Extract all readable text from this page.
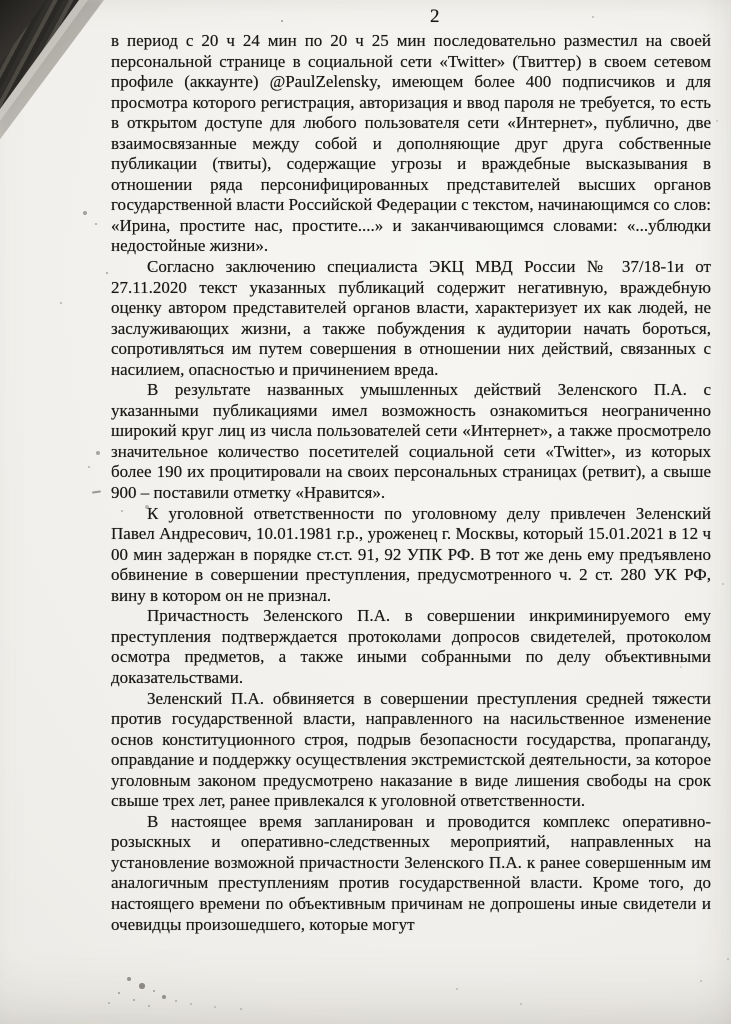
2

в период с 20 ч 24 мин по 20 ч 25 мин последовательно разместил на своей персональной странице в социальной сети «Twitter» (Твиттер) в своем сетевом профиле (аккаунте) @PaulZelensky, имеющем более 400 подписчиков и для просмотра которого регистрация, авторизация и ввод пароля не требуется, то есть в открытом доступе для любого пользователя сети «Интернет», публично, две взаимосвязанные между собой и дополняющие друг друга собственные публикации (твиты), содержащие угрозы и враждебные высказывания в отношении ряда персонифицированных представителей высших органов государственной власти Российской Федерации с текстом, начинающимся со слов: «Ирина, простите нас, простите....» и заканчивающимся словами: «...ублюдки недостойные жизни».

Согласно заключению специалиста ЭКЦ МВД России № 37/18-1и от 27.11.2020 текст указанных публикаций содержит негативную, враждебную оценку автором представителей органов власти, характеризует их как людей, не заслуживающих жизни, а также побуждения к аудитории начать бороться, сопротивляться им путем совершения в отношении них действий, связанных с насилием, опасностью и причинением вреда.

В результате названных умышленных действий Зеленского П.А. с указанными публикациями имел возможность ознакомиться неограниченно широкий круг лиц из числа пользователей сети «Интернет», а также просмотрело значительное количество посетителей социальной сети «Twitter», из которых более 190 их процитировали на своих персональных страницах (ретвит), а свыше 900 – поставили отметку «Нравится».

К уголовной ответственности по уголовному делу привлечен Зеленский Павел Андресович, 10.01.1981 г.р., уроженец г. Москвы, который 15.01.2021 в 12 ч 00 мин задержан в порядке ст.ст. 91, 92 УПК РФ. В тот же день ему предъявлено обвинение в совершении преступления, предусмотренного ч. 2 ст. 280 УК РФ, вину в котором он не признал.

Причастность Зеленского П.А. в совершении инкриминируемого ему преступления подтверждается протоколами допросов свидетелей, протоколом осмотра предметов, а также иными собранными по делу объективными доказательствами.

Зеленский П.А. обвиняется в совершении преступления средней тяжести против государственной власти, направленного на насильственное изменение основ конституционного строя, подрыв безопасности государства, пропаганду, оправдание и поддержку осуществления экстремистской деятельности, за которое уголовным законом предусмотрено наказание в виде лишения свободы на срок свыше трех лет, ранее привлекался к уголовной ответственности.

В настоящее время запланирован и проводится комплекс оперативно-розыскных и оперативно-следственных мероприятий, направленных на установление возможной причастности Зеленского П.А. к ранее совершенным им аналогичным преступлениям против государственной власти. Кроме того, до настоящего времени по объективным причинам не допрошены иные свидетели и очевидцы произошедшего, которые могут
